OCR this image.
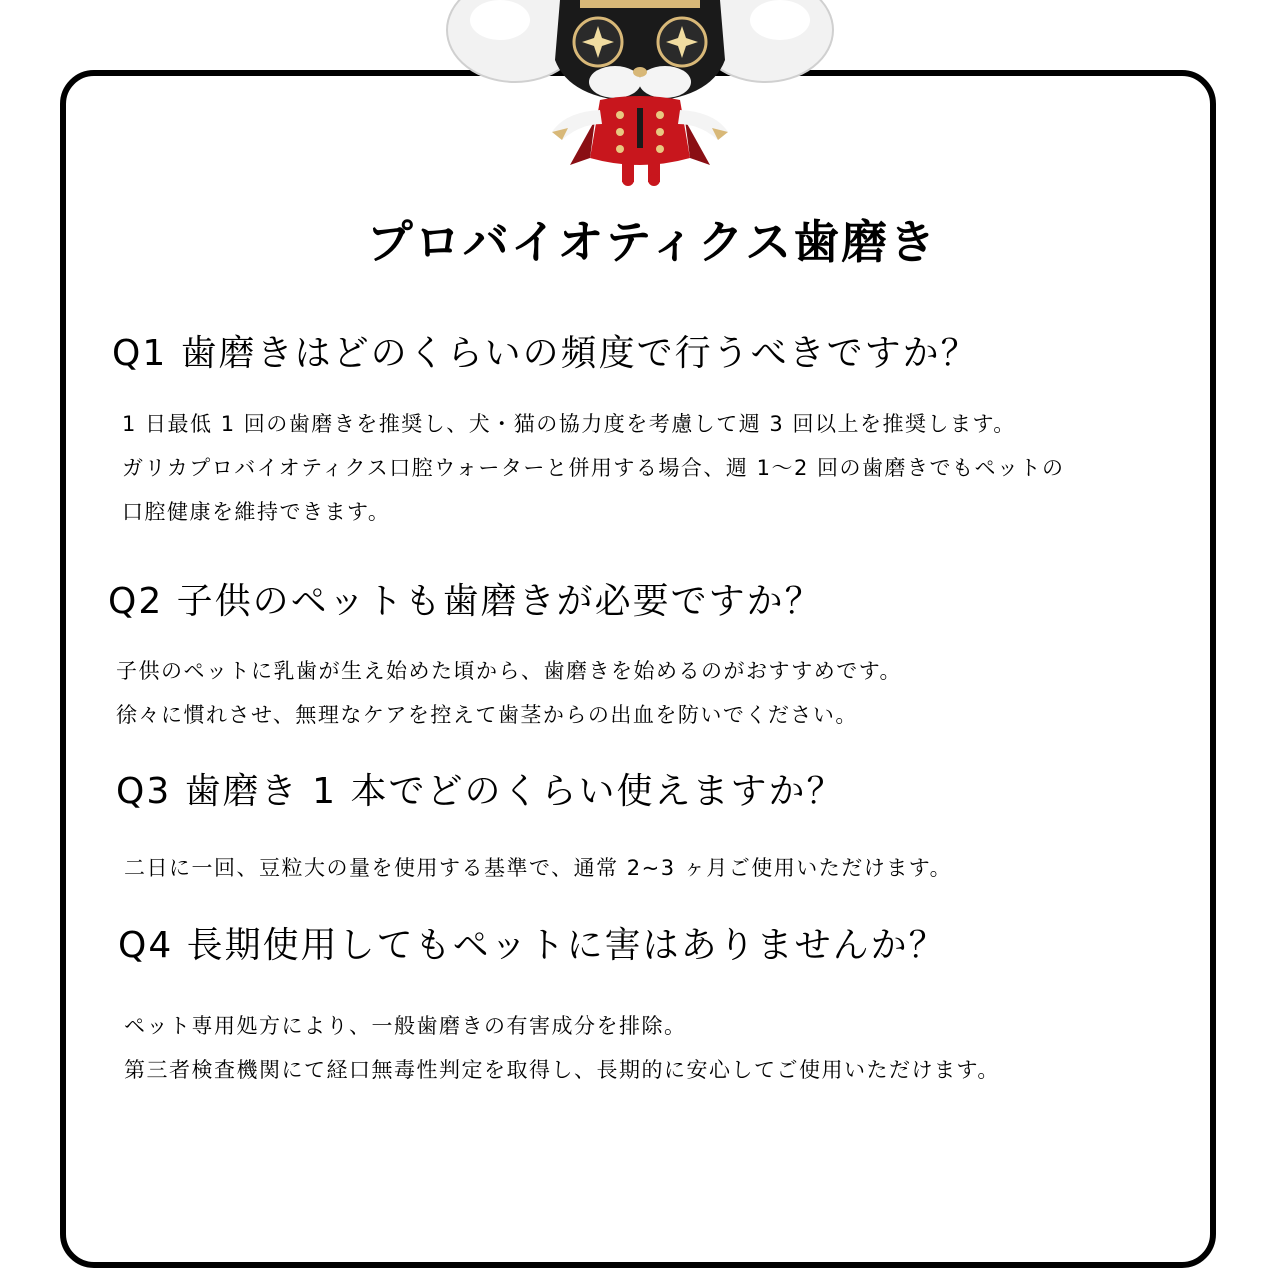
プロバイオティクス歯磨き
Q1 歯磨きはどのくらいの頻度で行うべきですか？
1 日最低 1 回の歯磨きを推奨し、犬・猫の協力度を考慮して週 3 回以上を推奨します。
ガリカプロバイオティクス口腔ウォーターと併用する場合、週 1〜2 回の歯磨きでもペットの
口腔健康を維持できます。
Q2 子供のペットも歯磨きが必要ですか？
子供のペットに乳歯が生え始めた頃から、歯磨きを始めるのがおすすめです。
徐々に慣れさせ、無理なケアを控えて歯茎からの出血を防いでください。
Q3 歯磨き 1 本でどのくらい使えますか？
二日に一回、豆粒大の量を使用する基準で、通常 2~3 ヶ月ご使用いただけます。
Q4 長期使用してもペットに害はありませんか？
ペット専用処方により、一般歯磨きの有害成分を排除。
第三者検査機関にて経口無毒性判定を取得し、長期的に安心してご使用いただけます。
